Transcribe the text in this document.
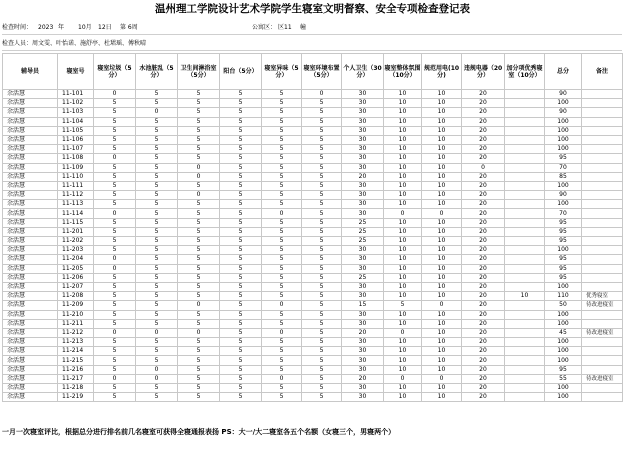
温州理工学院设计艺术学院学生寝室文明督察、安全专项检查登记表
检查时间： 2023 年 10月 12日 第 6周	公寓区： 区11 幢
检查人员：周文雯、叶怡诺、施舒亭、杜珺瑶、傅秋晴
辅导员	寝室号	寝室垃圾（5分）	水池脏乱（5分）	卫生间淋浴室（5分）	阳台（5分）	寝室异味（5分）	寝室环境布置（5分）	个人卫生（30分）	寝室整体氛围（10分）	规范用电(10分)	违规电器（20分）	加分项优秀寝室（10分）	总分	备注
余活慧	11-101	0	5	5	5	5	0	30	10	10	20		90	
余活慧	11-102	5	5	5	5	5	5	30	10	10	20		100	
余活慧	11-103	5	0	5	5	5	5	30	10	10	20		90	
余活慧	11-104	5	5	5	5	5	5	30	10	10	20		100	
余活慧	11-105	5	5	5	5	5	5	30	10	10	20		100	
余活慧	11-106	5	5	5	5	5	5	30	10	10	20		100	
余活慧	11-107	5	5	5	5	5	5	30	10	10	20		100	
余活慧	11-108	0	5	5	5	5	5	30	10	10	20		95	
余活慧	11-109	5	5	0	5	5	5	30	10	10	0		70	
余活慧	11-110	5	5	0	5	5	5	20	10	10	20		85	
余活慧	11-111	5	5	5	5	5	5	30	10	10	20		100	
余活慧	11-112	5	5	0	5	5	5	30	10	10	20		90	
余活慧	11-113	5	5	5	5	5	5	30	10	10	20		100	
余活慧	11-114	0	5	5	5	0	5	30	0	0	20		70	
余活慧	11-115	5	5	5	5	5	5	25	10	10	20		95	
余活慧	11-201	5	5	5	5	5	5	25	10	10	20		95	
余活慧	11-202	5	5	5	5	5	5	25	10	10	20		95	
余活慧	11-203	5	5	5	5	5	5	30	10	10	20		100	
余活慧	11-204	0	5	5	5	5	5	30	10	10	20		95	
余活慧	11-205	0	5	5	5	5	5	30	10	10	20		95	
余活慧	11-206	5	5	5	5	5	5	25	10	10	20		95	
余活慧	11-207	5	5	5	5	5	5	30	10	10	20		100	
余活慧	11-208	5	5	5	5	5	5	30	10	10	20	10	110	优秀寝室
余活慧	11-209	5	5	0	5	0	5	15	5	0	20		50	待改进寝室
余活慧	11-210	5	5	5	5	5	5	30	10	10	20		100	
余活慧	11-211	5	5	5	5	5	5	30	10	10	20		100	
余活慧	11-212	0	0	0	5	0	5	20	0	10	20		45	待改进寝室
余活慧	11-213	5	5	5	5	5	5	30	10	10	20		100	
余活慧	11-214	5	5	5	5	5	5	30	10	10	20		100	
余活慧	11-215	5	5	5	5	5	5	30	10	10	20		100	
余活慧	11-216	5	0	5	5	5	5	30	10	10	20		95	
余活慧	11-217	0	0	5	5	0	5	20	0	0	20		55	待改进寝室
余活慧	11-218	5	5	5	5	5	5	30	10	10	20		100	
余活慧	11-219	5	5	5	5	5	5	30	10	10	20		100	
一月一次寝室评比，根据总分进行排名前几名寝室可获得全寝通报表扬 PS：大一/大二寝室各五个名额（女寝三个，男寝两个）
